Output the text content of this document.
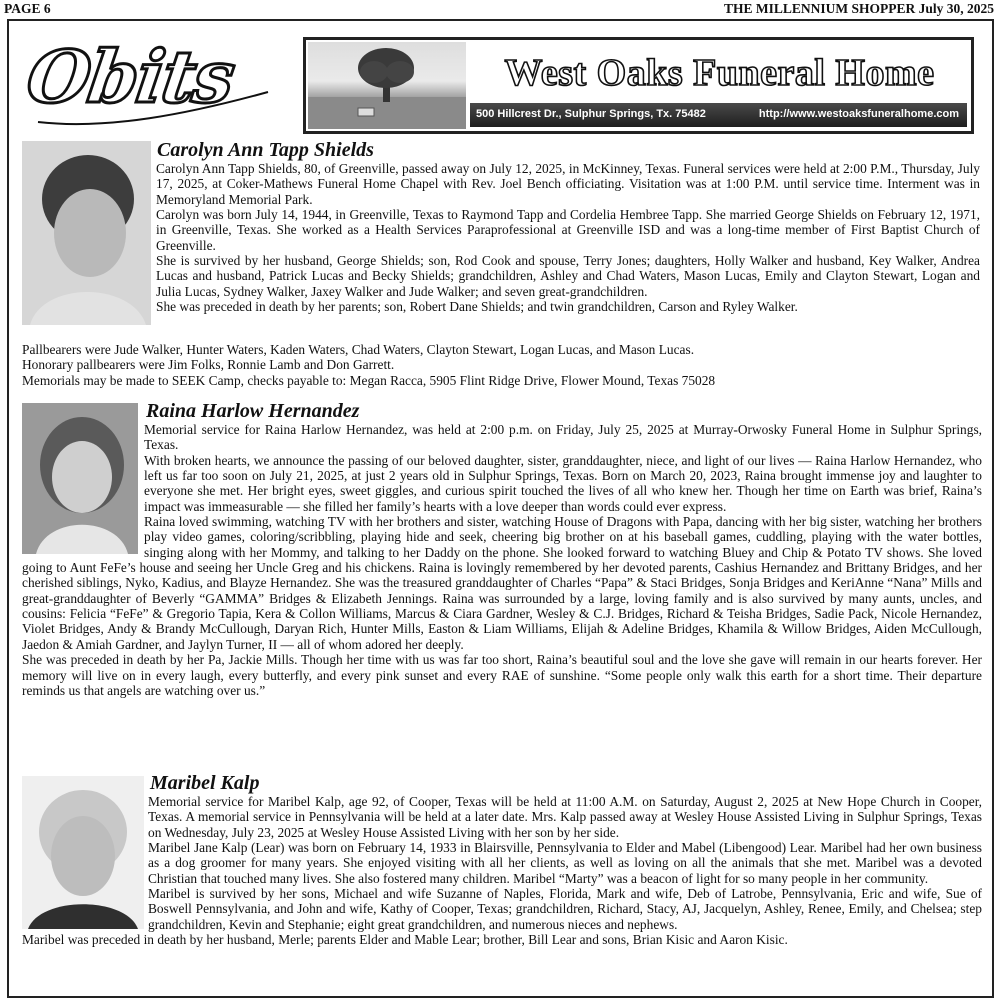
PAGE 6	THE MILLENNIUM SHOPPER July 30, 2025
Obits	West Oaks Funeral Home
500 Hillcrest Dr., Sulphur Springs, Tx. 75482	http://www.westoaksfuneralhome.com
Carolyn Ann Tapp Shields

Carolyn Ann Tapp Shields, 80, of Greenville, passed away on July 12, 2025, in McKinney, Texas. Funeral services were held at 2:00 P.M., Thursday, July 17, 2025, at Coker-Mathews Funeral Home Chapel with Rev. Joel Bench officiating. Visitation was at 1:00 P.M. until service time. Interment was in Memoryland Memorial Park.

Carolyn was born July 14, 1944, in Greenville, Texas to Raymond Tapp and Cordelia Hembree Tapp. She married George Shields on February 12, 1971, in Greenville, Texas. She worked as a Health Services Paraprofessional at Greenville ISD and was a long-time member of First Baptist Church of Greenville.

She is survived by her husband, George Shields; son, Rod Cook and spouse, Terry Jones; daughters, Holly Walker and husband, Key Walker, Andrea Lucas and husband, Patrick Lucas and Becky Shields; grandchildren, Ashley and Chad Waters, Mason Lucas, Emily and Clayton Stewart, Logan and Julia Lucas, Sydney Walker, Jaxey Walker and Jude Walker; and seven great-grandchildren.

She was preceded in death by her parents; son, Robert Dane Shields; and twin grandchildren, Carson and Ryley Walker.

Pallbearers were Jude Walker, Hunter Waters, Kaden Waters, Chad Waters, Clayton Stewart, Logan Lucas, and Mason Lucas.

Honorary pallbearers were Jim Folks, Ronnie Lamb and Don Garrett.

Memorials may be made to SEEK Camp, checks payable to: Megan Racca, 5905 Flint Ridge Drive, Flower Mound, Texas 75028

Raina Harlow Hernandez

Memorial service for Raina Harlow Hernandez, was held at 2:00 p.m. on Friday, July 25, 2025 at Murray-Orwosky Funeral Home in Sulphur Springs, Texas.

With broken hearts, we announce the passing of our beloved daughter, sister, granddaughter, niece, and light of our lives — Raina Harlow Hernandez, who left us far too soon on July 21, 2025, at just 2 years old in Sulphur Springs, Texas. Born on March 20, 2023, Raina brought immense joy and laughter to everyone she met. Her bright eyes, sweet giggles, and curious spirit touched the lives of all who knew her. Though her time on Earth was brief, Raina’s impact was immeasurable — she filled her family’s hearts with a love deeper than words could ever express.

Raina loved swimming, watching TV with her brothers and sister, watching House of Dragons with Papa, dancing with her big sister, watching her brothers play video games, coloring/scribbling, playing hide and seek, cheering big brother on at his baseball games, cuddling, playing with the water bottles, singing along with her Mommy, and talking to her Daddy on the phone. She looked forward to watching Bluey and Chip & Potato TV shows. She loved going to Aunt FeFe’s house and seeing her Uncle Greg and his chickens. Raina is lovingly remembered by her devoted parents, Cashius Hernandez and Brittany Bridges, and her cherished siblings, Nyko, Kadius, and Blayze Hernandez. She was the treasured granddaughter of Charles “Papa” & Staci Bridges, Sonja Bridges and KeriAnne “Nana” Mills and great-granddaughter of Beverly “GAMMA” Bridges & Elizabeth Jennings. Raina was surrounded by a large, loving family and is also survived by many aunts, uncles, and cousins: Felicia “FeFe” & Gregorio Tapia, Kera & Collon Williams, Marcus & Ciara Gardner, Wesley & C.J. Bridges, Richard & Teisha Bridges, Sadie Pack, Nicole Hernandez, Violet Bridges, Andy & Brandy McCullough, Daryan Rich, Hunter Mills, Easton & Liam Williams, Elijah & Adeline Bridges, Khamila & Willow Bridges, Aiden McCullough, Jaedon & Amiah Gardner, and Jaylyn Turner, II — all of whom adored her deeply.

She was preceded in death by her Pa, Jackie Mills. Though her time with us was far too short, Raina’s beautiful soul and the love she gave will remain in our hearts forever. Her memory will live on in every laugh, every butterfly, and every pink sunset and every RAE of sunshine. “Some people only walk this earth for a short time. Their departure reminds us that angels are watching over us.”

Maribel Kalp

Memorial service for Maribel Kalp, age 92, of Cooper, Texas will be held at 11:00 A.M. on Saturday, August 2, 2025 at New Hope Church in Cooper, Texas. A memorial service in Pennsylvania will be held at a later date. Mrs. Kalp passed away at Wesley House Assisted Living in Sulphur Springs, Texas on Wednesday, July 23, 2025 at Wesley House Assisted Living with her son by her side.

Maribel Jane Kalp (Lear) was born on February 14, 1933 in Blairsville, Pennsylvania to Elder and Mabel (Libengood) Lear. Maribel had her own business as a dog groomer for many years. She enjoyed visiting with all her clients, as well as loving on all the animals that she met. Maribel was a devoted Christian that touched many lives. She also fostered many children. Maribel “Marty” was a beacon of light for so many people in her community.

Maribel is survived by her sons, Michael and wife Suzanne of Naples, Florida, Mark and wife, Deb of Latrobe, Pennsylvania, Eric and wife, Sue of Boswell Pennsylvania, and John and wife, Kathy of Cooper, Texas; grandchildren, Richard, Stacy, AJ, Jacquelyn, Ashley, Renee, Emily, and Chelsea; step grandchildren, Kevin and Stephanie; eight great grandchildren, and numerous nieces and nephews.

Maribel was preceded in death by her husband, Merle; parents Elder and Mable Lear; brother, Bill Lear and sons, Brian Kisic and Aaron Kisic.
